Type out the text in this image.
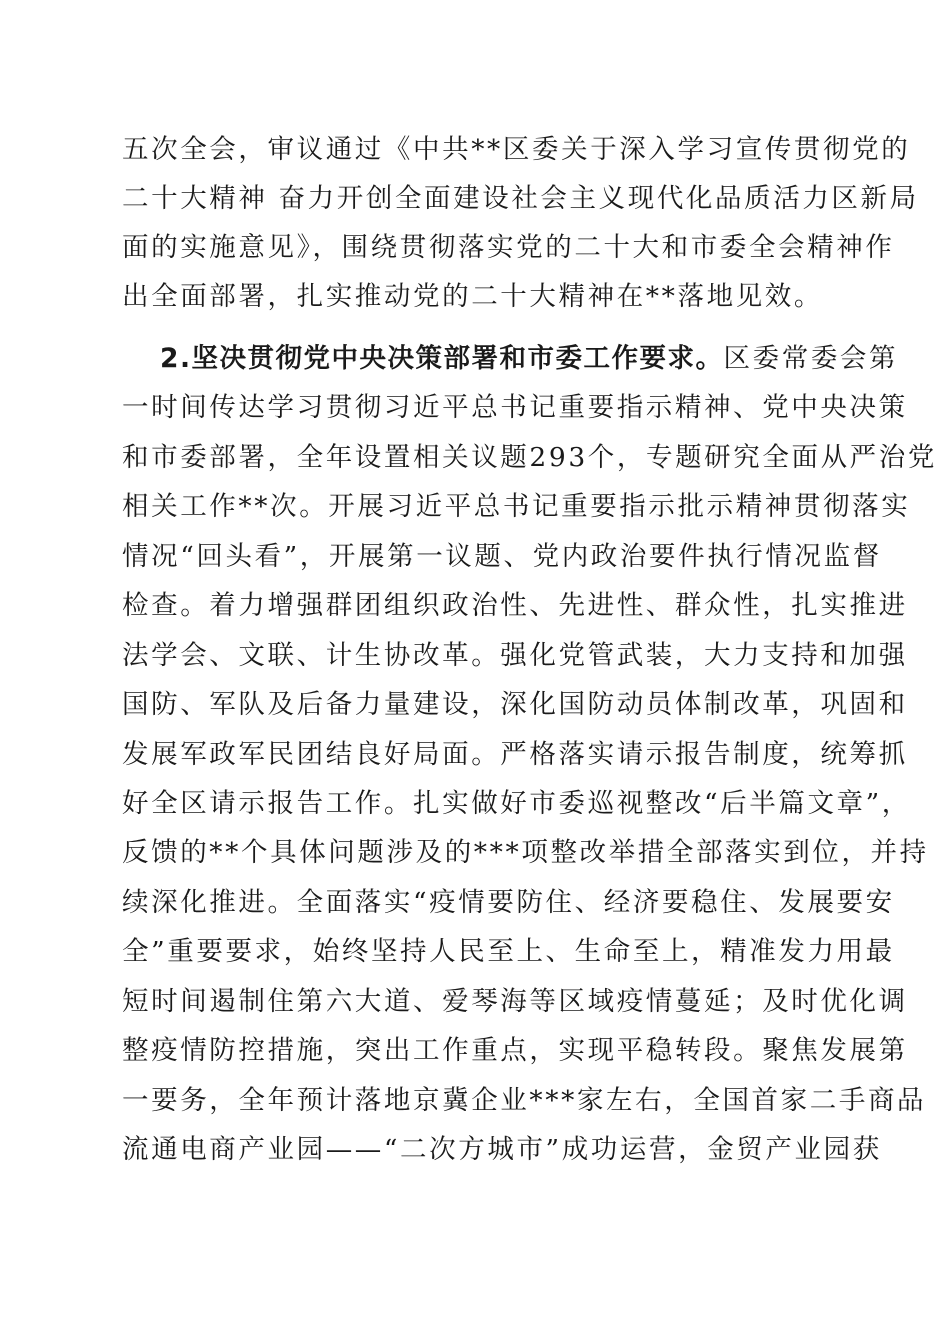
五次全会，审议通过《中共**区委关于深入学习宣传贯彻党的
二十大精神 奋力开创全面建设社会主义现代化品质活力区新局
面的实施意见》，围绕贯彻落实党的二十大和市委全会精神作
出全面部署，扎实推动党的二十大精神在**落地见效。
2.坚决贯彻党中央决策部署和市委工作要求。区委常委会第
一时间传达学习贯彻习近平总书记重要指示精神、党中央决策
和市委部署，全年设置相关议题293个，专题研究全面从严治党
相关工作**次。开展习近平总书记重要指示批示精神贯彻落实
情况“回头看”，开展第一议题、党内政治要件执行情况监督
检查。着力增强群团组织政治性、先进性、群众性，扎实推进
法学会、文联、计生协改革。强化党管武装，大力支持和加强
国防、军队及后备力量建设，深化国防动员体制改革，巩固和
发展军政军民团结良好局面。严格落实请示报告制度，统筹抓
好全区请示报告工作。扎实做好市委巡视整改“后半篇文章”，
反馈的**个具体问题涉及的***项整改举措全部落实到位，并持
续深化推进。全面落实“疫情要防住、经济要稳住、发展要安
全”重要要求，始终坚持人民至上、生命至上，精准发力用最
短时间遏制住第六大道、爱琴海等区域疫情蔓延；及时优化调
整疫情防控措施，突出工作重点，实现平稳转段。聚焦发展第
一要务，全年预计落地京冀企业***家左右，全国首家二手商品
流通电商产业园——“二次方城市”成功运营，金贸产业园获
